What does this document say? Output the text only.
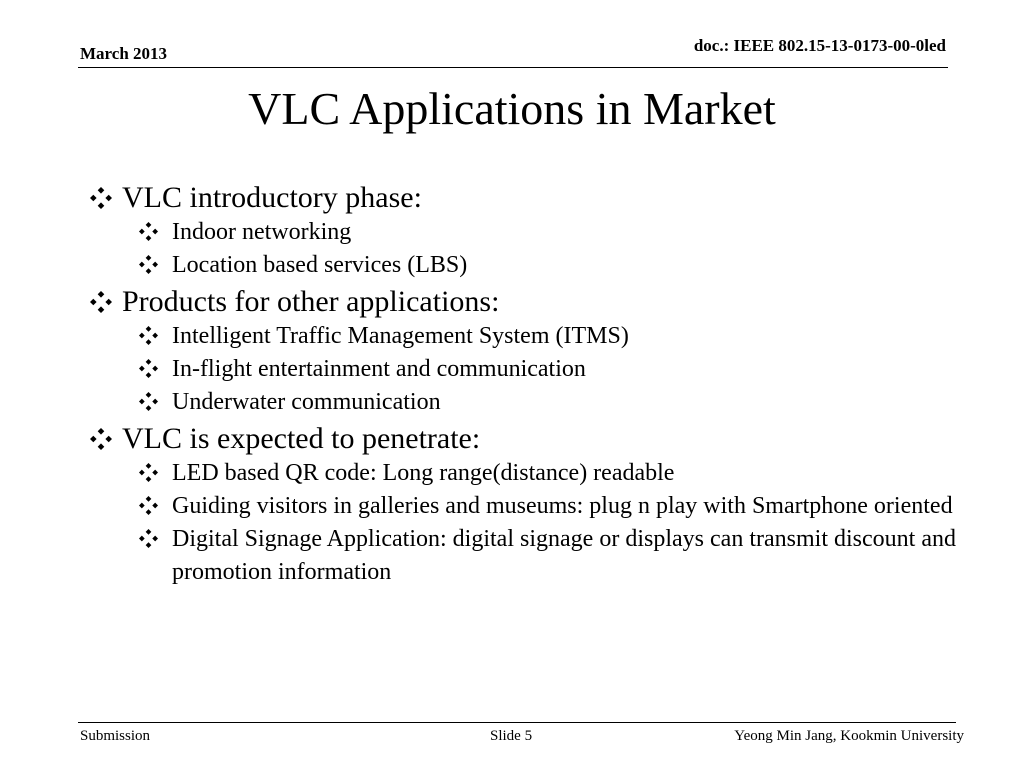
March 2013	doc.: IEEE 802.15-13-0173-00-0led
VLC Applications in Market
VLC introductory phase:
Indoor networking
Location based services (LBS)
Products for other applications:
Intelligent Traffic Management System (ITMS)
In-flight entertainment and communication
Underwater communication
VLC is expected to penetrate:
LED based QR code: Long range(distance) readable
Guiding visitors in galleries and museums: plug n play with Smartphone oriented
Digital Signage Application: digital signage or displays can transmit discount and promotion information
Submission	Slide 5	Yeong Min Jang, Kookmin University
